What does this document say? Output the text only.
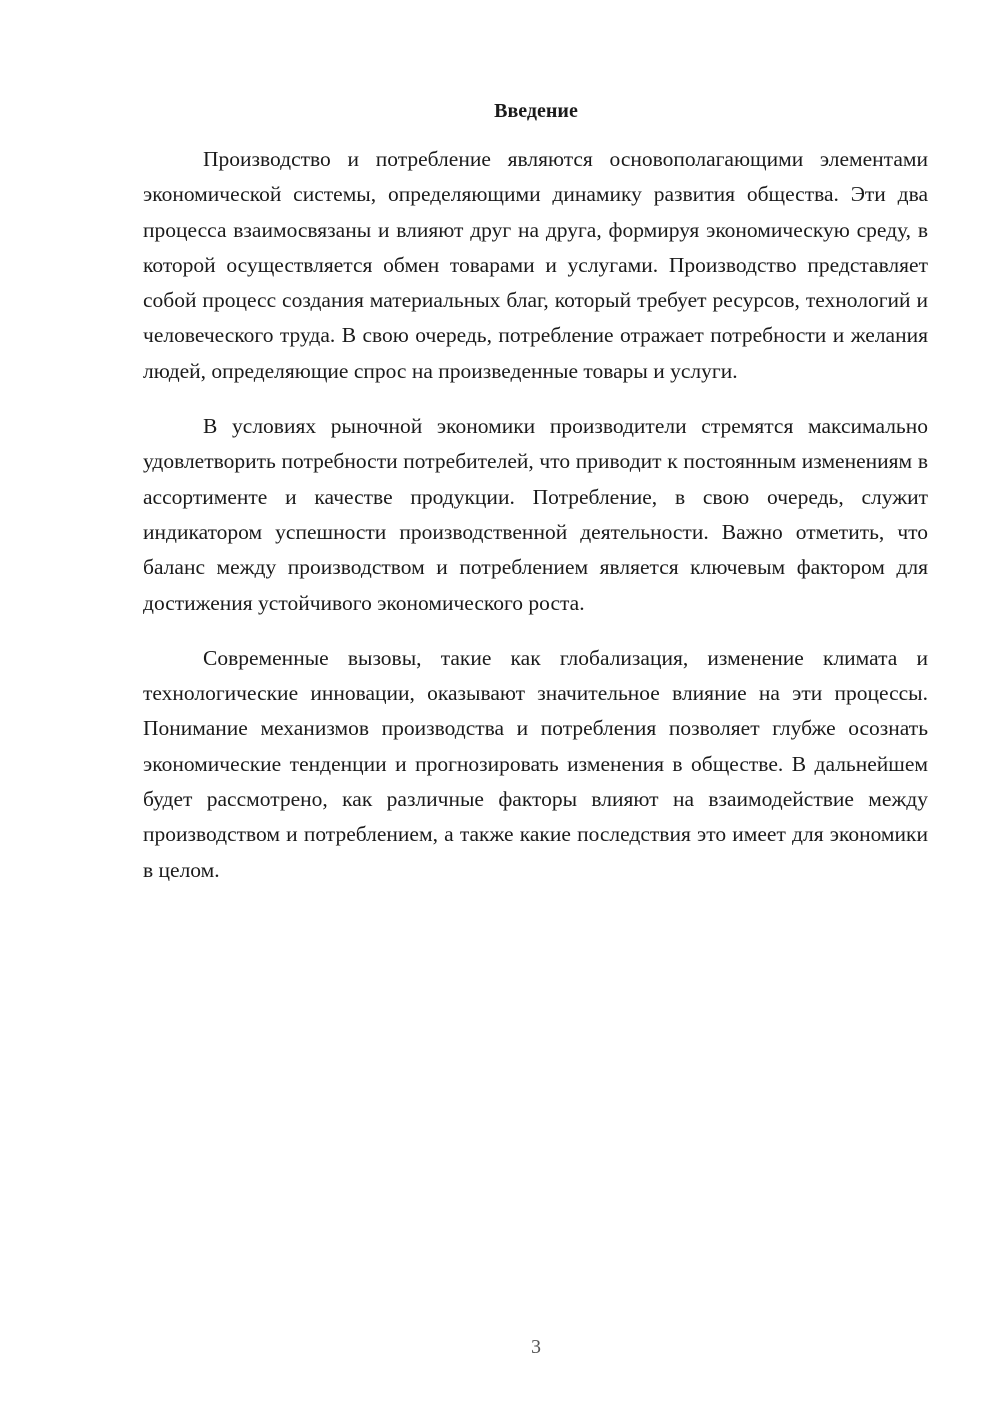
Введение

Производство и потребление являются основополагающими элементами экономической системы, определяющими динамику развития общества. Эти два процесса взаимосвязаны и влияют друг на друга, формируя экономическую среду, в которой осуществляется обмен товарами и услугами. Производство представляет собой процесс создания материальных благ, который требует ресурсов, технологий и человеческого труда. В свою очередь, потребление отражает потребности и желания людей, определяющие спрос на произведенные товары и услуги.

В условиях рыночной экономики производители стремятся максимально удовлетворить потребности потребителей, что приводит к постоянным изменениям в ассортименте и качестве продукции. Потребление, в свою очередь, служит индикатором успешности производственной деятельности. Важно отметить, что баланс между производством и потреблением является ключевым фактором для достижения устойчивого экономического роста.

Современные вызовы, такие как глобализация, изменение климата и технологические инновации, оказывают значительное влияние на эти процессы. Понимание механизмов производства и потребления позволяет глубже осознать экономические тенденции и прогнозировать изменения в обществе. В дальнейшем будет рассмотрено, как различные факторы влияют на взаимодействие между производством и потреблением, а также какие последствия это имеет для экономики в целом.

3
